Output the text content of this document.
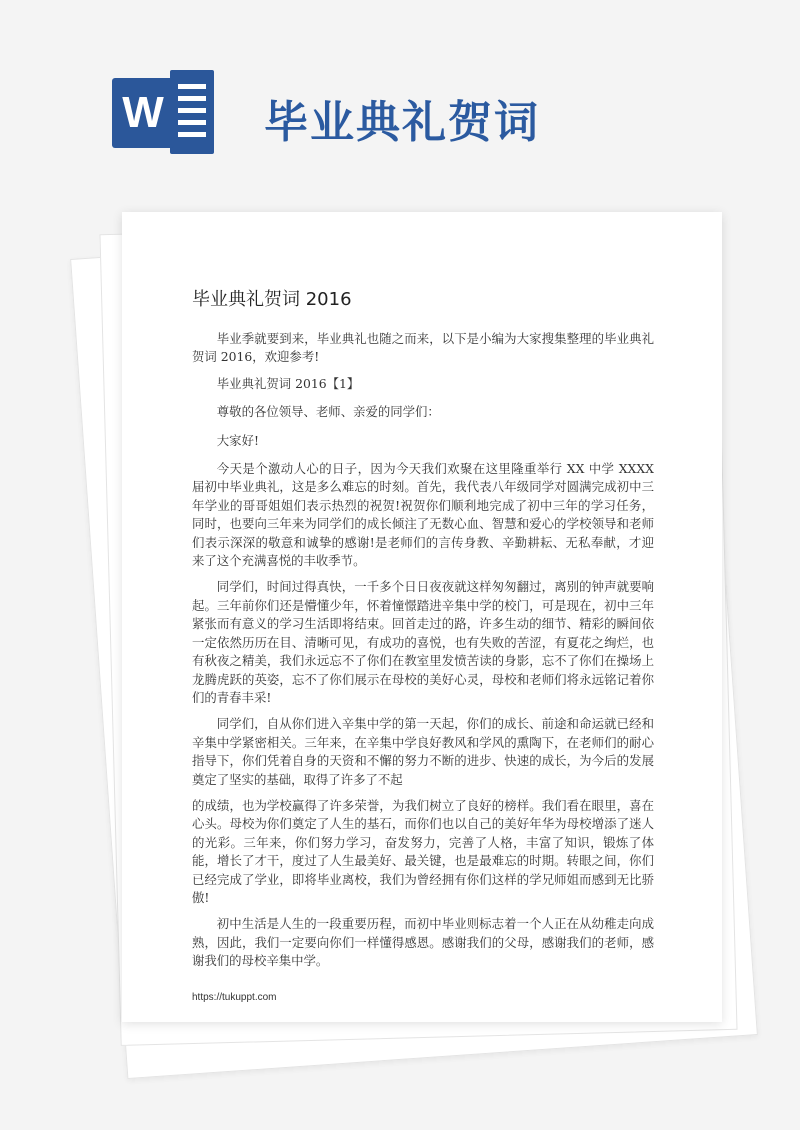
W 毕业典礼贺词
毕业典礼贺词 2016

毕业季就要到来，毕业典礼也随之而来，以下是小编为大家搜集整理的毕业典礼贺词 2016，欢迎参考!

毕业典礼贺词 2016【1】

尊敬的各位领导、老师、亲爱的同学们：

大家好!

今天是个激动人心的日子，因为今天我们欢聚在这里隆重举行 XX 中学 XXXX 届初中毕业典礼，这是多么难忘的时刻。首先，我代表八年级同学对圆满完成初中三年学业的哥哥姐姐们表示热烈的祝贺!祝贺你们顺利地完成了初中三年的学习任务，同时，也要向三年来为同学们的成长倾注了无数心血、智慧和爱心的学校领导和老师们表示深深的敬意和诚挚的感谢!是老师们的言传身教、辛勤耕耘、无私奉献，才迎来了这个充满喜悦的丰收季节。

同学们，时间过得真快，一千多个日日夜夜就这样匆匆翻过，离别的钟声就要响起。三年前你们还是懵懂少年，怀着憧憬踏进辛集中学的校门，可是现在，初中三年紧张而有意义的学习生活即将结束。回首走过的路，许多生动的细节、精彩的瞬间依一定依然历历在目、清晰可见，有成功的喜悦，也有失败的苦涩，有夏花之绚烂，也有秋夜之精美，我们永远忘不了你们在教室里发愤苦读的身影，忘不了你们在操场上龙腾虎跃的英姿，忘不了你们展示在母校的美好心灵，母校和老师们将永远铭记着你们的青春丰采!

同学们，自从你们进入辛集中学的第一天起，你们的成长、前途和命运就已经和辛集中学紧密相关。三年来，在辛集中学良好教风和学风的熏陶下，在老师们的耐心指导下，你们凭着自身的天资和不懈的努力不断的进步、快速的成长，为今后的发展奠定了坚实的基础，取得了许多了不起

的成绩，也为学校赢得了许多荣誉，为我们树立了良好的榜样。我们看在眼里，喜在心头。母校为你们奠定了人生的基石，而你们也以自己的美好年华为母校增添了迷人的光彩。三年来，你们努力学习，奋发努力，完善了人格，丰富了知识，锻炼了体能，增长了才干，度过了人生最美好、最关键，也是最难忘的时期。转眼之间，你们已经完成了学业，即将毕业离校，我们为曾经拥有你们这样的学兄师姐而感到无比骄傲!

初中生活是人生的一段重要历程，而初中毕业则标志着一个人正在从幼稚走向成熟，因此，我们一定要向你们一样懂得感恩。感谢我们的父母，感谢我们的老师，感谢我们的母校辛集中学。

https://tukuppt.com
